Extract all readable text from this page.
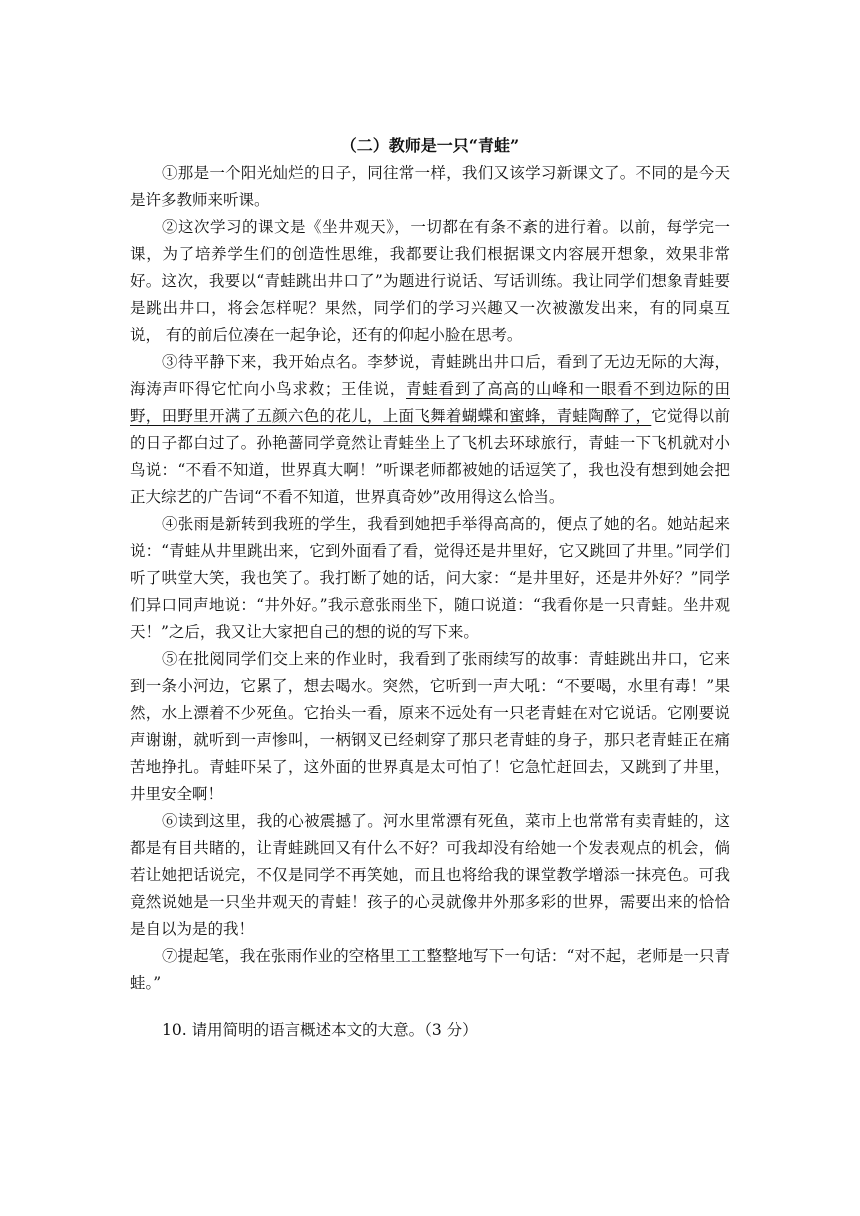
（二）教师是一只“青蛙”

①那是一个阳光灿烂的日子，同往常一样，我们又该学习新课文了。不同的是今天是许多教师来听课。

②这次学习的课文是《坐井观天》，一切都在有条不紊的进行着。以前，每学完一课，为了培养学生们的创造性思维，我都要让我们根据课文内容展开想象，效果非常好。这次，我要以“青蛙跳出井口了”为题进行说话、写话训练。我让同学们想象青蛙要是跳出井口，将会怎样呢？果然，同学们的学习兴趣又一次被激发出来，有的同桌互说， 有的前后位凑在一起争论，还有的仰起小脸在思考。

③待平静下来，我开始点名。李梦说，青蛙跳出井口后，看到了无边无际的大海，海涛声吓得它忙向小鸟求救；王佳说，青蛙看到了高高的山峰和一眼看不到边际的田野，田野里开满了五颜六色的花儿，上面飞舞着蝴蝶和蜜蜂，青蛙陶醉了，它觉得以前的日子都白过了。孙艳蔷同学竟然让青蛙坐上了飞机去环球旅行，青蛙一下飞机就对小鸟说：“不看不知道，世界真大啊！”听课老师都被她的话逗笑了，我也没有想到她会把正大综艺的广告词“不看不知道，世界真奇妙”改用得这么恰当。

④张雨是新转到我班的学生，我看到她把手举得高高的，便点了她的名。她站起来说：“青蛙从井里跳出来，它到外面看了看，觉得还是井里好，它又跳回了井里。”同学们听了哄堂大笑，我也笑了。我打断了她的话，问大家：“是井里好，还是井外好？”同学们异口同声地说：“井外好。”我示意张雨坐下，随口说道：“我看你是一只青蛙。坐井观天！”之后，我又让大家把自己的想的说的写下来。

⑤在批阅同学们交上来的作业时，我看到了张雨续写的故事：青蛙跳出井口，它来到一条小河边，它累了，想去喝水。突然，它听到一声大吼：“不要喝，水里有毒！”果然，水上漂着不少死鱼。它抬头一看，原来不远处有一只老青蛙在对它说话。它刚要说声谢谢，就听到一声惨叫，一柄钢叉已经刺穿了那只老青蛙的身子，那只老青蛙正在痛苦地挣扎。青蛙吓呆了，这外面的世界真是太可怕了！它急忙赶回去，又跳到了井里，井里安全啊！

⑥读到这里，我的心被震撼了。河水里常漂有死鱼，菜市上也常常有卖青蛙的，这都是有目共睹的，让青蛙跳回又有什么不好？可我却没有给她一个发表观点的机会，倘若让她把话说完，不仅是同学不再笑她，而且也将给我的课堂教学增添一抹亮色。可我竟然说她是一只坐井观天的青蛙！孩子的心灵就像井外那多彩的世界，需要出来的恰恰是自以为是的我！

⑦提起笔，我在张雨作业的空格里工工整整地写下一句话：“对不起，老师是一只青蛙。”

10. 请用简明的语言概述本文的大意。（3 分）
